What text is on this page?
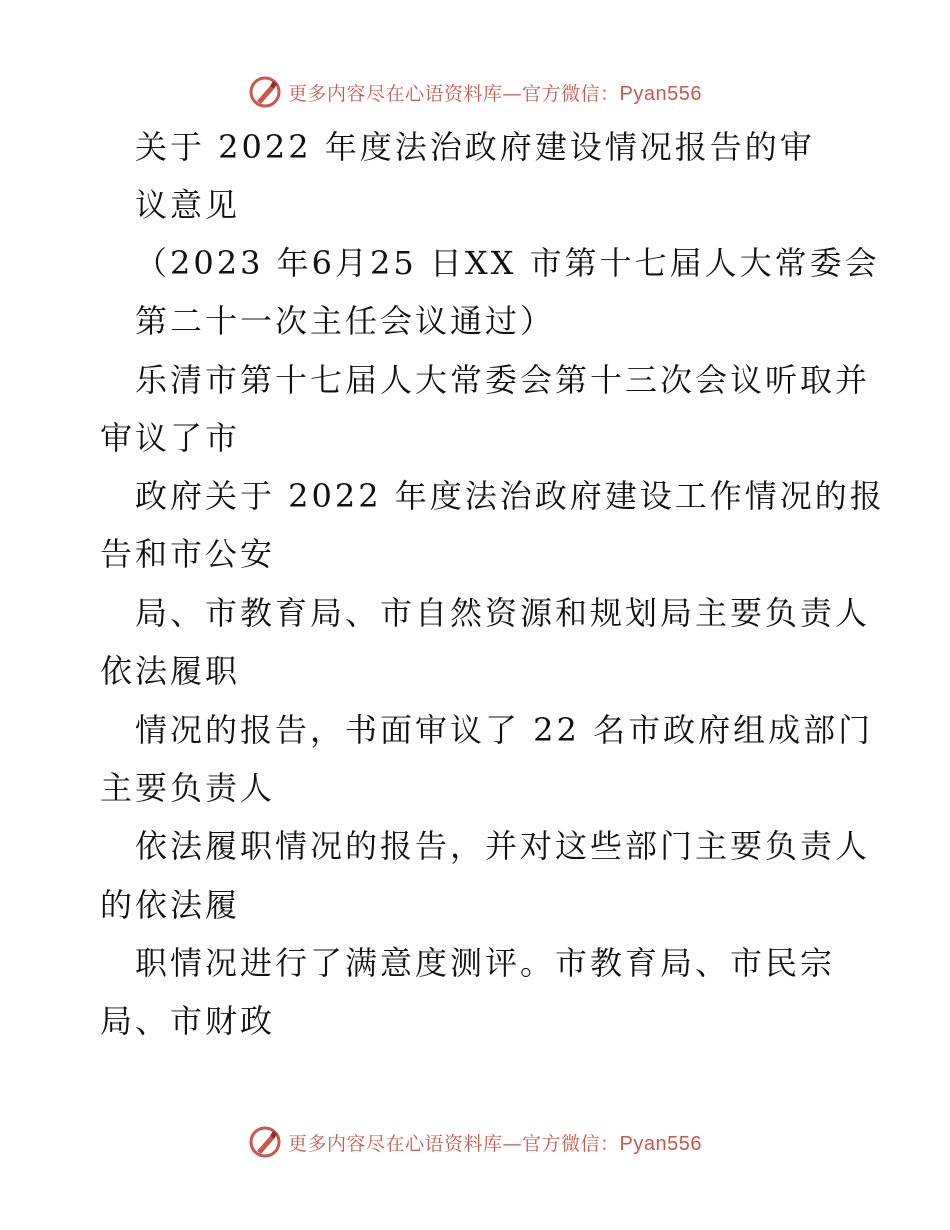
更多内容尽在心语资料库—官方微信：Pyan556
关于 2022 年度法治政府建设情况报告的审
议意见
（2023 年6月25 日XX 市第十七届人大常委会
第二十一次主任会议通过）
乐清市第十七届人大常委会第十三次会议听取并
审议了市
政府关于 2022 年度法治政府建设工作情况的报
告和市公安
局、市教育局、市自然资源和规划局主要负责人
依法履职
情况的报告，书面审议了 22 名市政府组成部门
主要负责人
依法履职情况的报告，并对这些部门主要负责人
的依法履
职情况进行了满意度测评。市教育局、市民宗
局、市财政
更多内容尽在心语资料库—官方微信：Pyan556
